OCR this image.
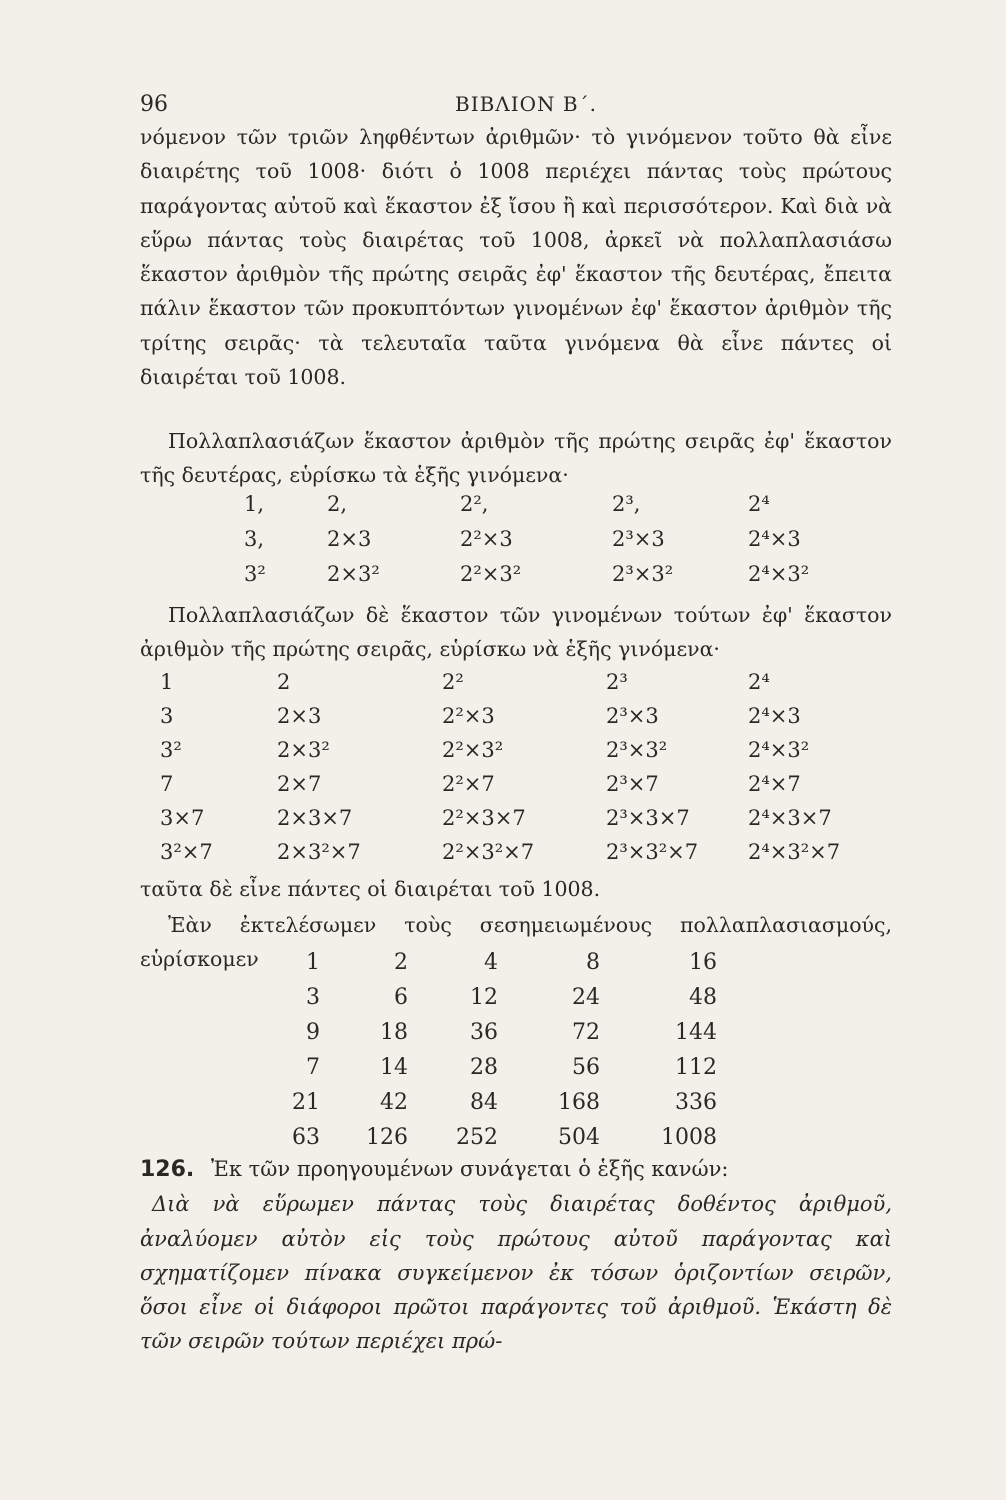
96	ΒΙΒΛΙΟΝ Β΄.

νόμενον τῶν τριῶν ληφθέντων ἀριθμῶν· τὸ γινόμενον τοῦτο θὰ εἶνε διαιρέτης τοῦ 1008· διότι ὁ 1008 περιέχει πάντας τοὺς πρώτους παράγοντας αὐτοῦ καὶ ἕκαστον ἐξ ἴσου ἢ καὶ περισσότερον. Καὶ διὰ νὰ εὕρω πάντας τοὺς διαιρέτας τοῦ 1008, ἀρκεῖ νὰ πολλαπλασιάσω ἕκαστον ἀριθμὸν τῆς πρώτης σειρᾶς ἐφ' ἕκαστον τῆς δευτέρας, ἔπειτα πάλιν ἕκαστον τῶν προκυπτόντων γινομένων ἐφ' ἕκαστον ἀριθμὸν τῆς τρίτης σειρᾶς· τὰ τελευταῖα ταῦτα γινόμενα θὰ εἶνε πάντες οἱ διαιρέται τοῦ 1008.

Πολλαπλασιάζων ἕκαστον ἀριθμὸν τῆς πρώτης σειρᾶς ἐφ' ἕκαστον τῆς δευτέρας, εὑρίσκω τὰ ἑξῆς γινόμενα·

1,	2,	2²,	2³,	2⁴
3,	2×3	2²×3	2³×3	2⁴×3
3²	2×3²	2²×3²	2³×3²	2⁴×3²

Πολλαπλασιάζων δὲ ἕκαστον τῶν γινομένων τούτων ἐφ' ἕκαστον ἀριθμὸν τῆς πρώτης σειρᾶς, εὑρίσκω νὰ ἑξῆς γινόμενα·

1	2	2²	2³	2⁴
3	2×3	2²×3	2³×3	2⁴×3
3²	2×3²	2²×3²	2³×3²	2⁴×3²
7	2×7	2²×7	2³×7	2⁴×7
3×7	2×3×7	2²×3×7	2³×3×7	2⁴×3×7
3²×7	2×3²×7	2²×3²×7	2³×3²×7 2⁴×3²×7

ταῦτα δὲ εἶνε πάντες οἱ διαιρέται τοῦ 1008.

Ἐὰν ἐκτελέσωμεν τοὺς σεσημειωμένους πολλαπλασιασμούς, εὑρίσκομεν	1	2	4	8	16
3	6	12	24	48
9	18	36	72	144
7	14	28	56	112
21	42	84	168	336
63	126	252	504	1008
126. Ἐκ τῶν προηγουμένων συνάγεται ὁ ἑξῆς κανών:
Διὰ νὰ εὕρωμεν πάντας τοὺς διαιρέτας δοθέντος ἀριθμοῦ, ἀναλύομεν αὐτὸν εἰς τοὺς πρώτους αὐτοῦ παράγοντας καὶ σχηματίζομεν πίνακα συγκείμενον ἐκ τόσων ὁριζοντίων σειρῶν, ὅσοι εἶνε οἱ διάφοροι πρῶτοι παράγοντες τοῦ ἀριθμοῦ. Ἑκάστη δὲ τῶν σειρῶν τούτων περιέχει πρώ-
